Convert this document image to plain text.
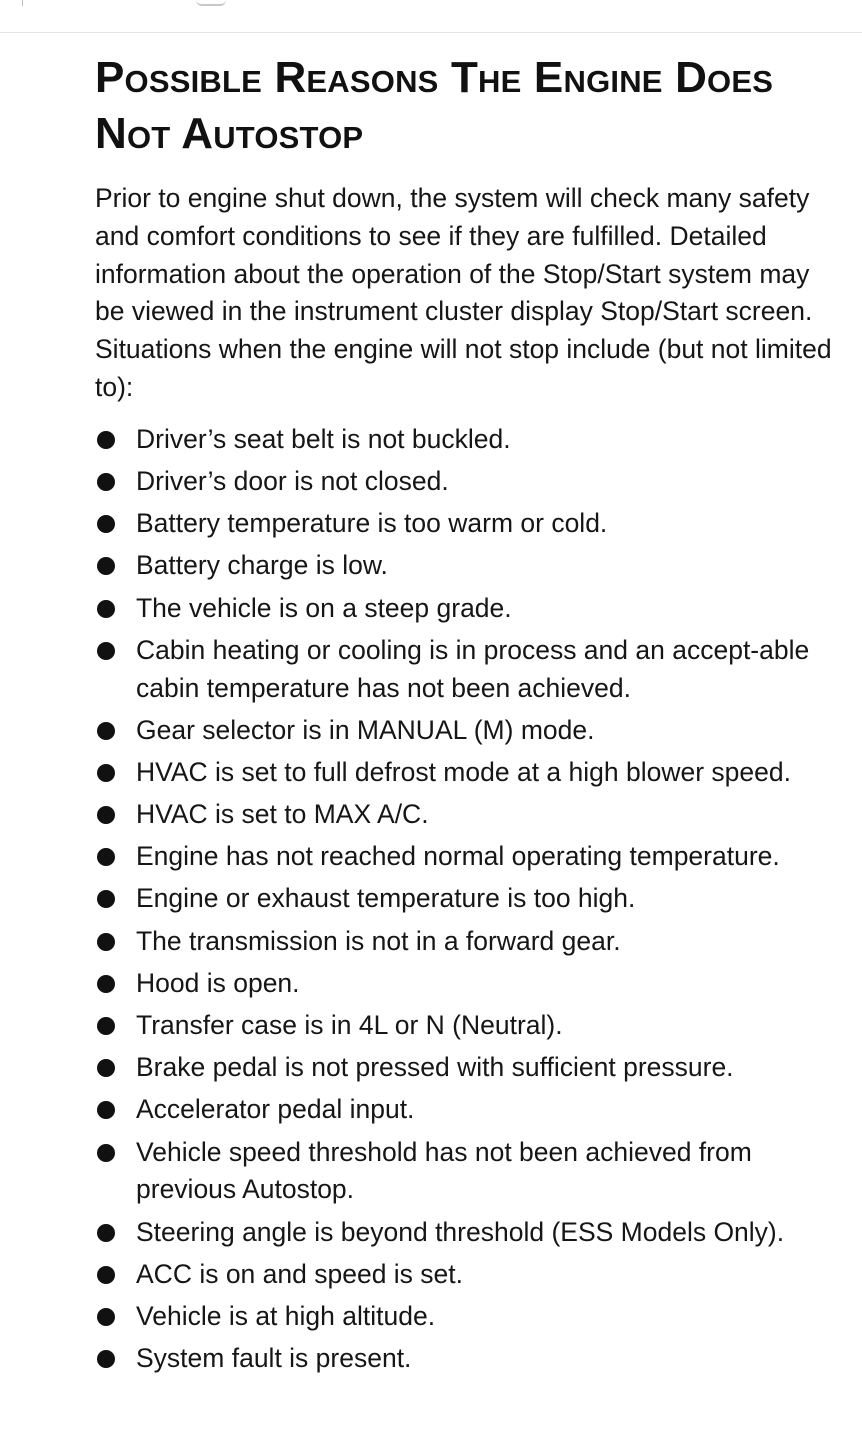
Possible Reasons The Engine Does Not Autostop

Prior to engine shut down, the system will check many safety and comfort conditions to see if they are fulfilled. Detailed information about the operation of the Stop/Start system may be viewed in the instrument cluster display Stop/Start screen. Situations when the engine will not stop include (but not limited to):

Driver’s seat belt is not buckled.
Driver’s door is not closed.
Battery temperature is too warm or cold.
Battery charge is low.
The vehicle is on a steep grade.
Cabin heating or cooling is in process and an accept-able cabin temperature has not been achieved.
Gear selector is in MANUAL (M) mode.
HVAC is set to full defrost mode at a high blower speed.
HVAC is set to MAX A/C.
Engine has not reached normal operating temperature.
Engine or exhaust temperature is too high.
The transmission is not in a forward gear.
Hood is open.
Transfer case is in 4L or N (Neutral).
Brake pedal is not pressed with sufficient pressure.
Accelerator pedal input.
Vehicle speed threshold has not been achieved from previous Autostop.
Steering angle is beyond threshold (ESS Models Only).
ACC is on and speed is set.
Vehicle is at high altitude.
System fault is present.
